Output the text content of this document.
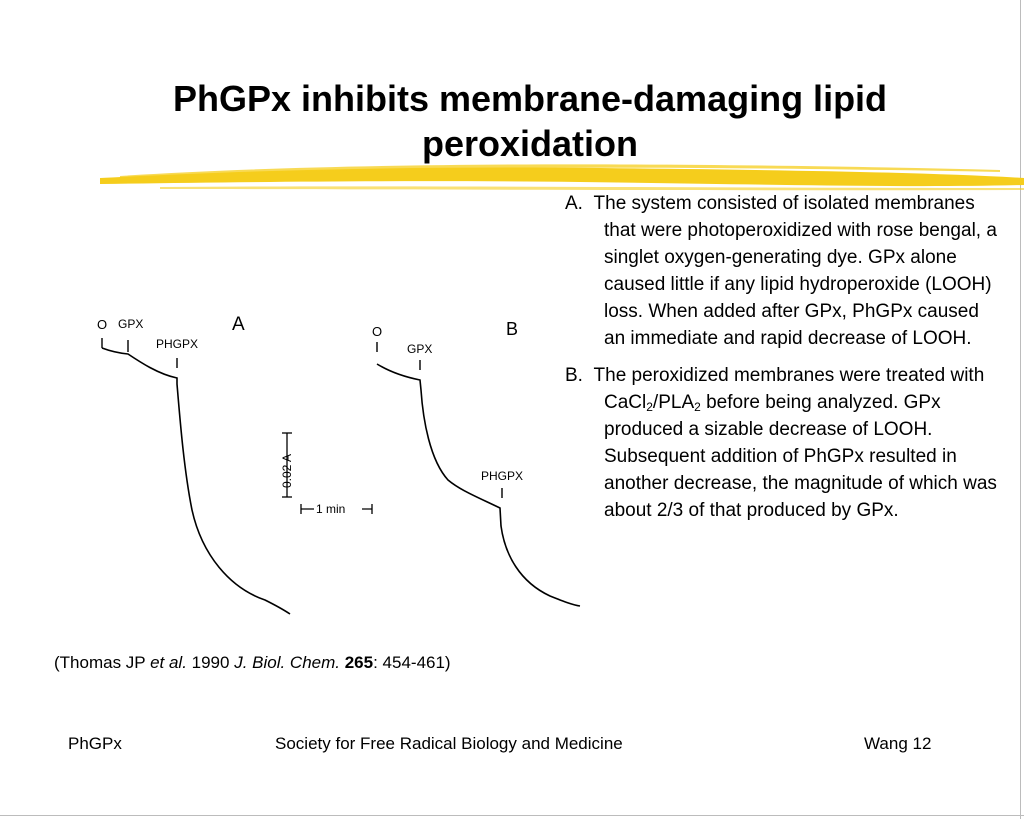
PhGPx inhibits membrane-damaging lipid
peroxidation
O GPX
PHGPX
A	O
GPX
PHGPX
B
0.02 A
1 min
A. The system consisted of isolated membranes that were photoperoxidized with rose bengal, a singlet oxygen-generating dye. GPx alone caused little if any lipid hydroperoxide (LOOH) loss. When added after GPx, PhGPx caused an immediate and rapid decrease of LOOH.
B. The peroxidized membranes were treated with $CaCl_2/PLA_2$ before being analyzed. GPx produced a sizable decrease of LOOH. Subsequent addition of PhGPx resulted in another decrease, the magnitude of which was about 2/3 of that produced by GPx.
(Thomas JP et al. 1990 J. Biol. Chem. 265: 454-461)
PhGPx	Society for Free Radical Biology and Medicine	Wang 12
